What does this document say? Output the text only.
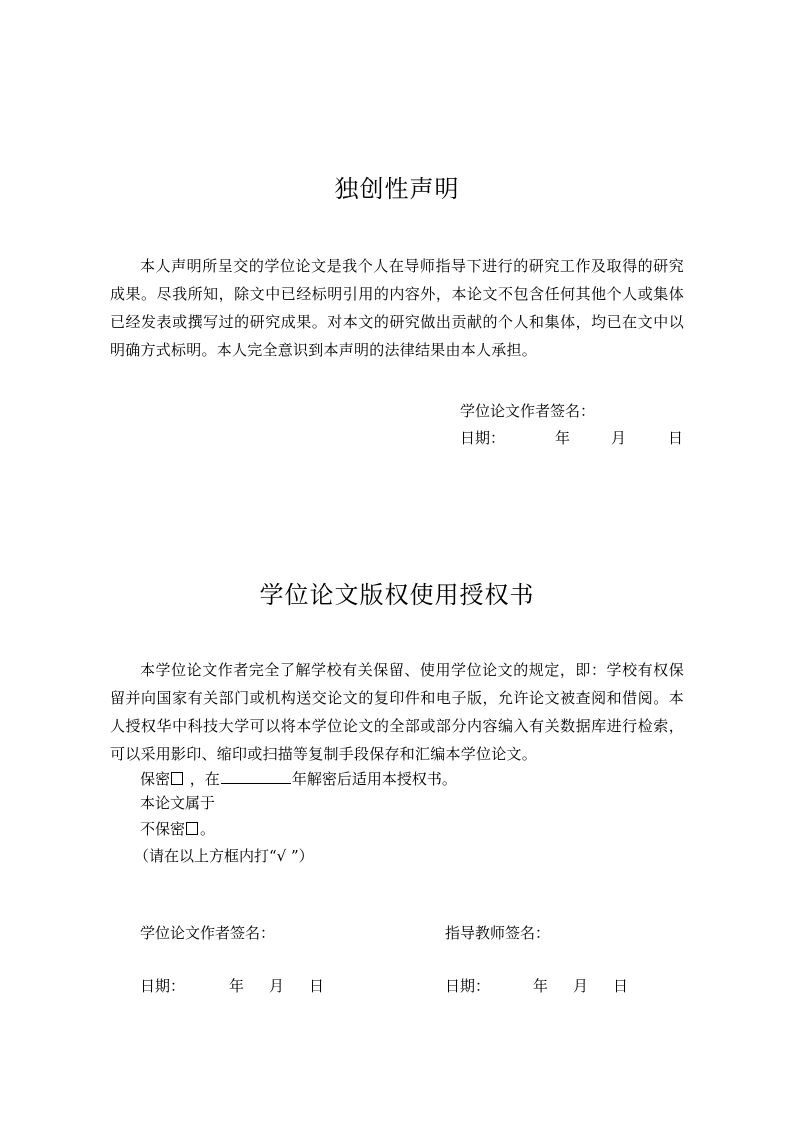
独创性声明
本人声明所呈交的学位论文是我个人在导师指导下进行的研究工作及取得的研究成果。尽我所知，除文中已经标明引用的内容外，本论文不包含任何其他个人或集体已经发表或撰写过的研究成果。对本文的研究做出贡献的个人和集体，均已在文中以明确方式标明。本人完全意识到本声明的法律结果由本人承担。
学位论文作者签名：
日期：	年	月	日
学位论文版权使用授权书
本学位论文作者完全了解学校有关保留、使用学位论文的规定，即：学校有权保留并向国家有关部门或机构送交论文的复印件和电子版，允许论文被查阅和借阅。本人授权华中科技大学可以将本学位论文的全部或部分内容编入有关数据库进行检索，可以采用影印、缩印或扫描等复制手段保存和汇编本学位论文。
保密 ，在	年解密后适用本授权书。
本论文属于
不保密 。
（请在以上方框内打“√ ”）
学位论文作者签名：	指导教师签名：
日期：	年 月 日	日期：	年 月 日
